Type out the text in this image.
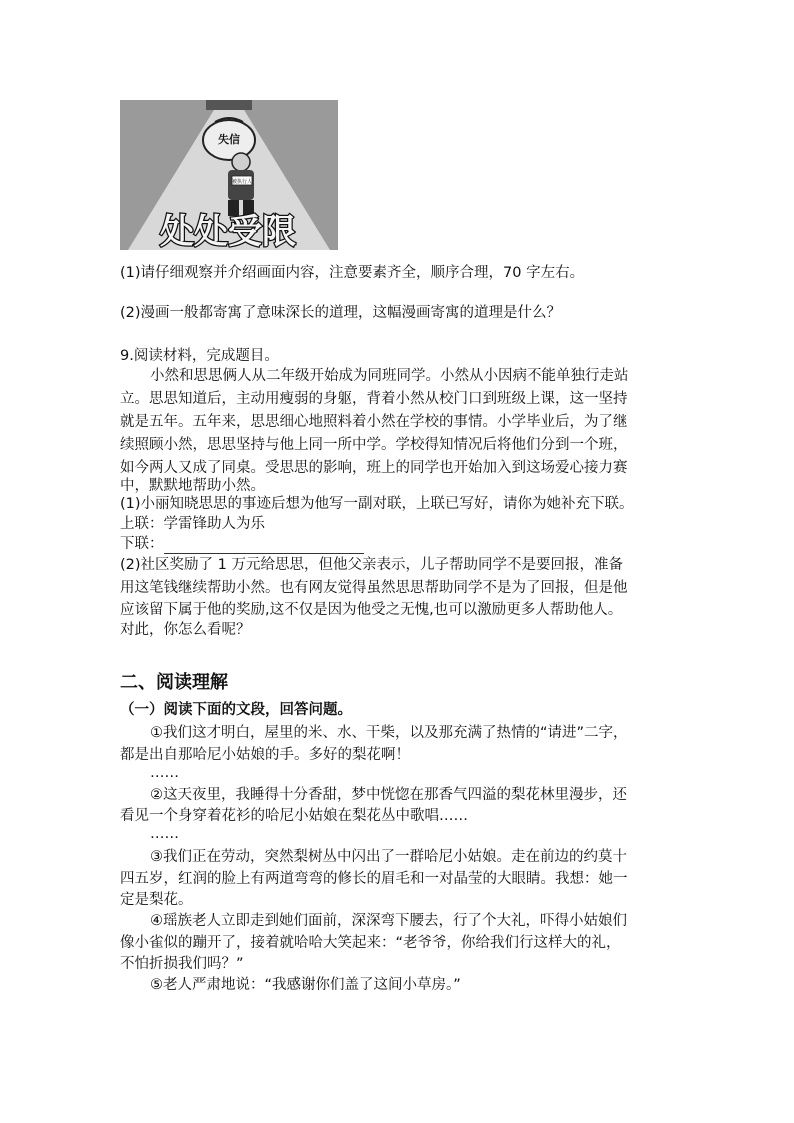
失信
被执行人
处处受限

(1)请仔细观察并介绍画面内容，注意要素齐全，顺序合理，70 字左右。

(2)漫画一般都寄寓了意味深长的道理，这幅漫画寄寓的道理是什么？

9.阅读材料，完成题目。

小然和思思俩人从二年级开始成为同班同学。小然从小因病不能单独行走站

立。思思知道后，主动用瘦弱的身躯，背着小然从校门口到班级上课，这一坚持

就是五年。五年来，思思细心地照料着小然在学校的事情。小学毕业后，为了继

续照顾小然，思思坚持与他上同一所中学。学校得知情况后将他们分到一个班，

如今两人又成了同桌。受思思的影响，班上的同学也开始加入到这场爱心接力赛

中，默默地帮助小然。

(1)小丽知晓思思的事迹后想为他写一副对联，上联已写好，请你为她补充下联。

上联：学雷锋助人为乐

下联：

(2)社区奖励了 1 万元给思思，但他父亲表示，儿子帮助同学不是要回报，准备

用这笔钱继续帮助小然。也有网友觉得虽然思思帮助同学不是为了回报，但是他

应该留下属于他的奖励,这不仅是因为他受之无愧,也可以激励更多人帮助他人。

对此，你怎么看呢？

二、阅读理解

（一）阅读下面的文段，回答问题。

①我们这才明白，屋里的米、水、干柴，以及那充满了热情的“请进”二字，

都是出自那哈尼小姑娘的手。多好的梨花啊！

……

②这天夜里，我睡得十分香甜，梦中恍惚在那香气四溢的梨花林里漫步，还

看见一个身穿着花衫的哈尼小姑娘在梨花丛中歌唱……

……

③我们正在劳动，突然梨树丛中闪出了一群哈尼小姑娘。走在前边的约莫十

四五岁，红润的脸上有两道弯弯的修长的眉毛和一对晶莹的大眼睛。我想：她一

定是梨花。

④瑶族老人立即走到她们面前，深深弯下腰去，行了个大礼，吓得小姑娘们

像小雀似的蹦开了，接着就哈哈大笑起来：“老爷爷，你给我们行这样大的礼，

不怕折损我们吗？”

⑤老人严肃地说：“我感谢你们盖了这间小草房。”
